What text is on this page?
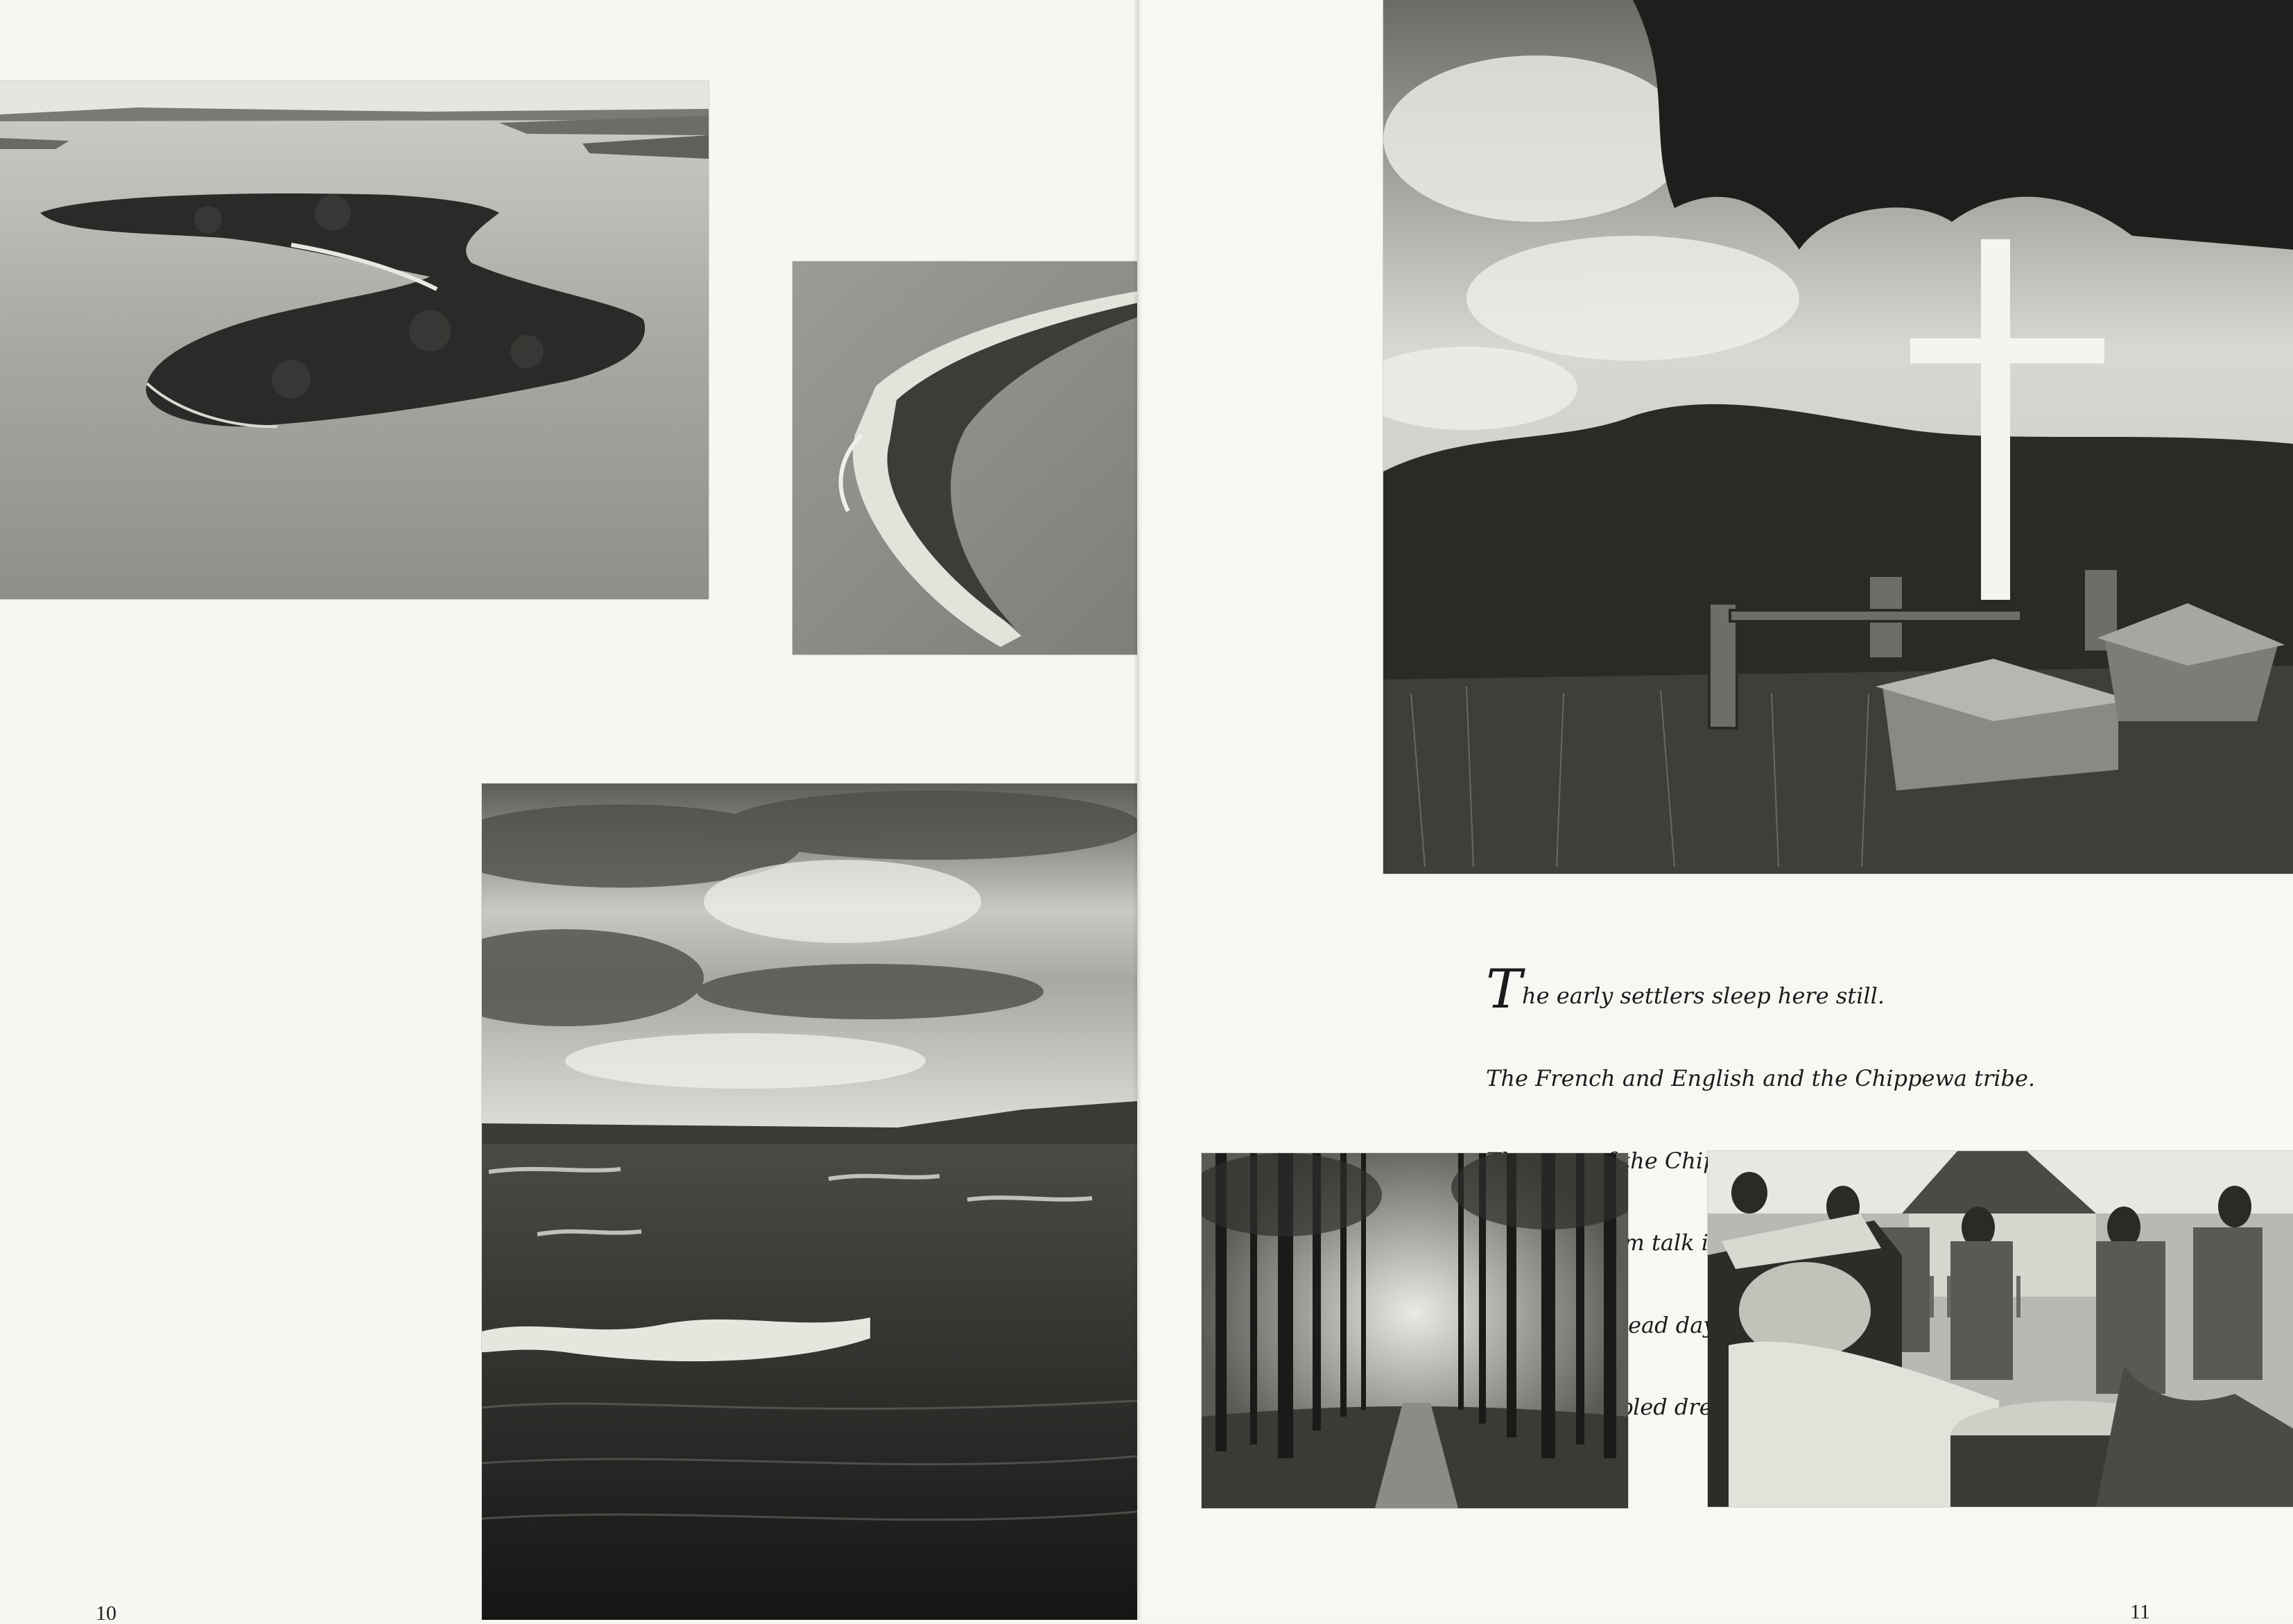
10

The early settlers sleep here still.

The French and English and the Chippewa tribe.

the

talk

dead days

11
